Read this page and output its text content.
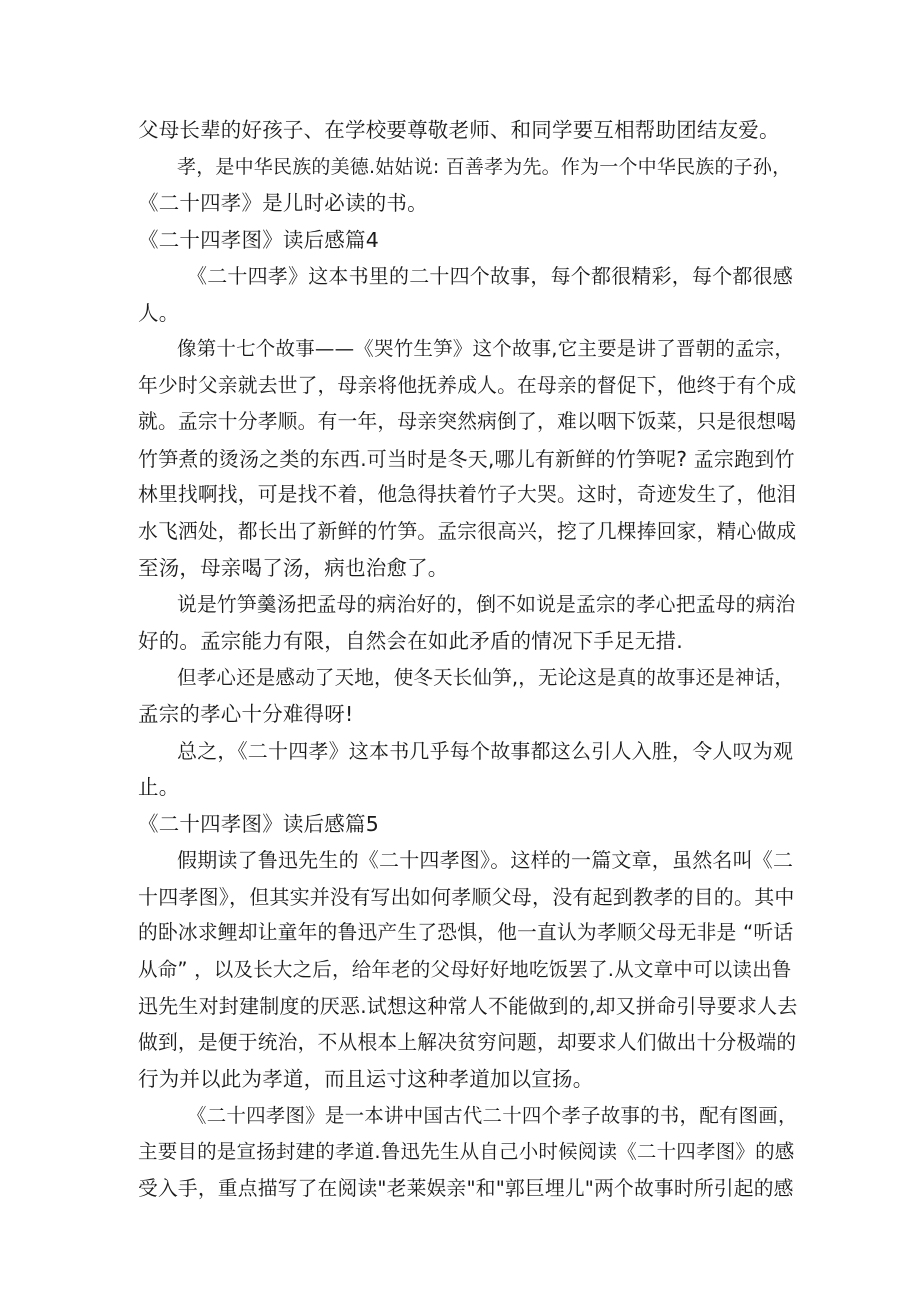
父母长辈的好孩子、在学校要尊敬老师、和同学要互相帮助团结友爱。
孝，是中华民族的美德.姑姑说: 百善孝为先。作为一个中华民族的子孙，
《二十四孝》是儿时必读的书。
《二十四孝图》读后感篇4
《二十四孝》这本书里的二十四个故事，每个都很精彩，每个都很感
人。
像第十七个故事——《哭竹生笋》这个故事,它主要是讲了晋朝的孟宗，
年少时父亲就去世了，母亲将他抚养成人。在母亲的督促下，他终于有个成
就。孟宗十分孝顺。有一年，母亲突然病倒了，难以咽下饭菜，只是很想喝
竹笋煮的烫汤之类的东西.可当时是冬天,哪儿有新鲜的竹笋呢? 孟宗跑到竹
林里找啊找，可是找不着，他急得扶着竹子大哭。这时，奇迹发生了，他泪
水飞洒处，都长出了新鲜的竹笋。孟宗很高兴，挖了几棵捧回家，精心做成
至汤，母亲喝了汤，病也治愈了。
说是竹笋羹汤把孟母的病治好的，倒不如说是孟宗的孝心把孟母的病治
好的。孟宗能力有限，自然会在如此矛盾的情况下手足无措.
但孝心还是感动了天地，使冬天长仙笋,，无论这是真的故事还是神话，
孟宗的孝心十分难得呀!
总之，《二十四孝》这本书几乎每个故事都这么引人入胜，令人叹为观
止。
《二十四孝图》读后感篇5
假期读了鲁迅先生的《二十四孝图》。这样的一篇文章，虽然名叫《二
十四孝图》，但其实并没有写出如何孝顺父母，没有起到教孝的目的。其中
的卧冰求鲤却让童年的鲁迅产生了恐惧，他一直认为孝顺父母无非是 “听话
从命” ，以及长大之后，给年老的父母好好地吃饭罢了.从文章中可以读出鲁
迅先生对封建制度的厌恶.试想这种常人不能做到的,却又拼命引导要求人去
做到，是便于统治，不从根本上解决贫穷问题，却要求人们做出十分极端的
行为并以此为孝道，而且运寸这种孝道加以宣扬。
《二十四孝图》是一本讲中国古代二十四个孝子故事的书，配有图画，
主要目的是宣扬封建的孝道.鲁迅先生从自己小时候阅读《二十四孝图》的感
受入手，重点描写了在阅读"老莱娱亲"和"郭巨埋儿"两个故事时所引起的感
